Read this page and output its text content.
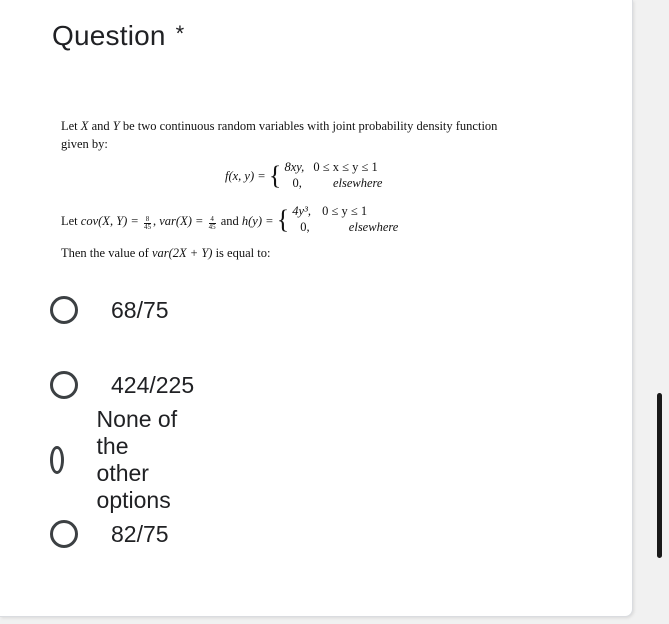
Question *
Let X and Y be two continuous random variables with joint probability density function
given by:
f(x, y) = { 8xy, 0 ≤ x ≤ y ≤ 1
0, elsewhere
Let cov(X, $Y) = \frac{8}{45}$ , $var(X) = \frac{4}{45}$ and h(y) = { 4y³, 0 ≤ y ≤ 1
0,	elsewhere
Then the value of var(2X + Y) is equal to:
68/75
424/225
None of the other options
82/75
